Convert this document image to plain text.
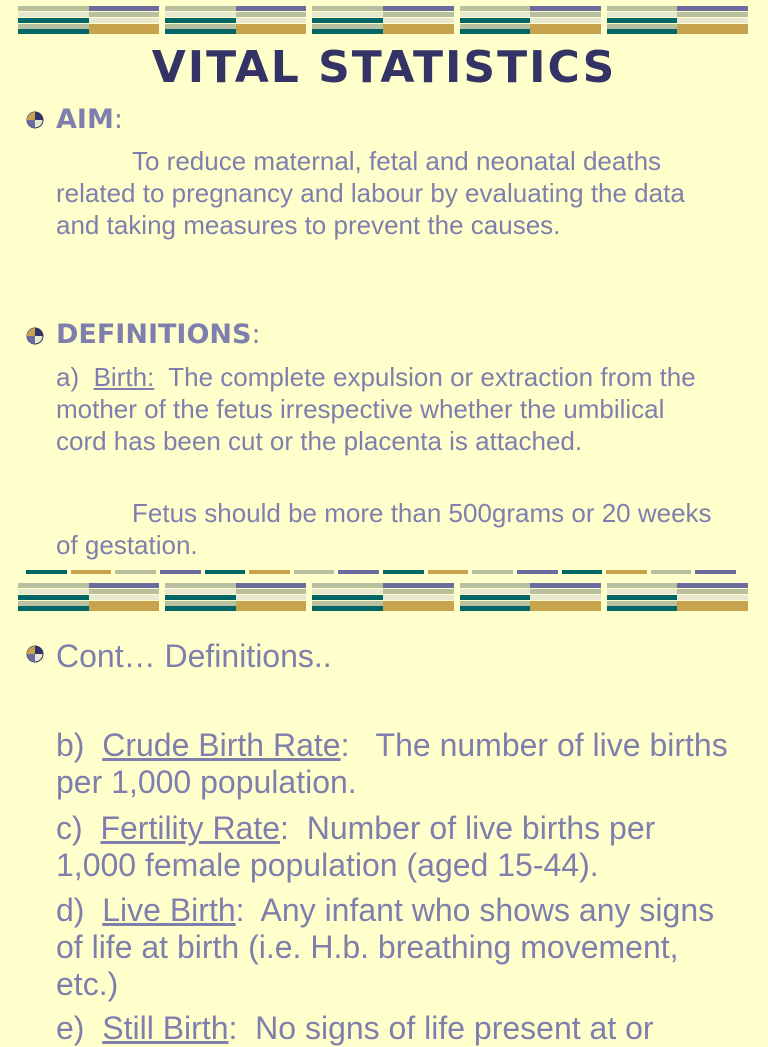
VITAL STATISTICS
AIM:
To reduce maternal, fetal and neonatal deaths related to pregnancy and labour by evaluating the data and taking measures to prevent the causes.
DEFINITIONS:
a)  Birth:  The complete expulsion or extraction from the mother of the fetus irrespective whether the umbilical cord has been cut or the placenta is attached.
Fetus should be more than 500grams or 20 weeks of gestation.
Cont… Definitions..
b)  Crude Birth Rate:   The number of live births per 1,000 population.
c)  Fertility Rate:  Number of live births per 1,000 female population (aged 15-44).
d)  Live Birth:  Any infant who shows any signs of life at birth (i.e. H.b. breathing movement, etc.)
e)  Still Birth:  No signs of life present at or
